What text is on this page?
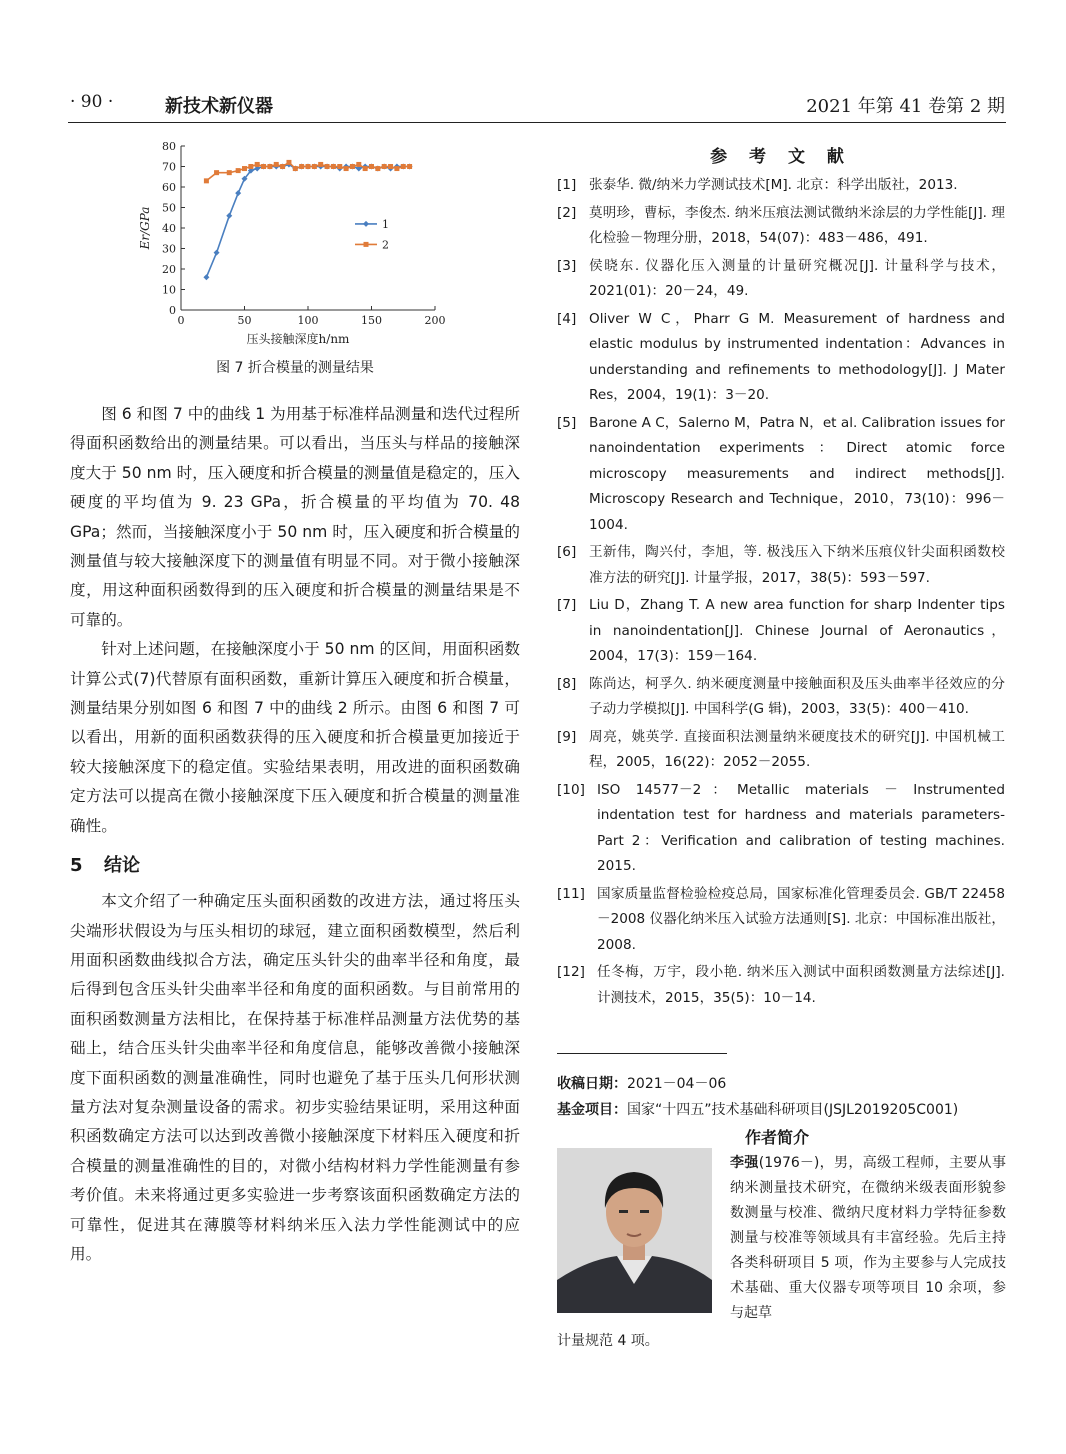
· 90 ·	新技术新仪器	2021 年第 41 卷第 2 期
0
10
20
30
40
50
60
70
80
0	50	100	150	200
压头接触深度h/nm
Er/GPa	1
2
图 7 折合模量的测量结果

图 6 和图 7 中的曲线 1 为用基于标准样品测量和迭代过程所得面积函数给出的测量结果。可以看出，当压头与样品的接触深度大于 50 nm 时，压入硬度和折合模量的测量值是稳定的，压入硬度的平均值为 9. 23 GPa，折合模量的平均值为 70. 48 GPa；然而，当接触深度小于 50 nm 时，压入硬度和折合模量的测量值与较大接触深度下的测量值有明显不同。对于微小接触深度，用这种面积函数得到的压入硬度和折合模量的测量结果是不可靠的。

针对上述问题，在接触深度小于 50 nm 的区间，用面积函数计算公式(7)代替原有面积函数，重新计算压入硬度和折合模量，测量结果分别如图 6 和图 7 中的曲线 2 所示。由图 6 和图 7 可以看出，用新的面积函数获得的压入硬度和折合模量更加接近于较大接触深度下的稳定值。实验结果表明，用改进的面积函数确定方法可以提高在微小接触深度下压入硬度和折合模量的测量准确性。

5 结论

本文介绍了一种确定压头面积函数的改进方法，通过将压头尖端形状假设为与压头相切的球冠，建立面积函数模型，然后利用面积函数曲线拟合方法，确定压头针尖的曲率半径和角度，最后得到包含压头针尖曲率半径和角度的面积函数。与目前常用的面积函数测量方法相比，在保持基于标准样品测量方法优势的基础上，结合压头针尖曲率半径和角度信息，能够改善微小接触深度下面积函数的测量准确性，同时也避免了基于压头几何形状测量方法对复杂测量设备的需求。初步实验结果证明，采用这种面积函数确定方法可以达到改善微小接触深度下材料压入硬度和折合模量的测量准确性的目的，对微小结构材料力学性能测量有参考价值。未来将通过更多实验进一步考察该面积函数确定方法的可靠性，促进其在薄膜等材料纳米压入法力学性能测试中的应用。

参 考 文 献
[1] 张泰华. 微/纳米力学测试技术[M]. 北京：科学出版社，2013.
[2] 莫明珍，曹标，李俊杰. 纳米压痕法测试微纳米涂层的力学性能[J]. 理化检验－物理分册，2018，54(07)：483－486，491.
[3] 侯晓东. 仪器化压入测量的计量研究概况[J]. 计量科学与技术，2021(01)：20－24，49.
[4] Oliver W C，Pharr G M. Measurement of hardness and elastic modulus by instrumented indentation：Advances in understanding and refinements to methodology[J]. J Mater Res，2004，19(1)：3－20.
[5] Barone A C，Salerno M，Patra N，et al. Calibration issues for nanoindentation experiments：Direct atomic force microscopy measurements and indirect methods[J]. Microscopy Research and Technique，2010，73(10)：996－1004.
[6] 王新伟，陶兴付，李旭，等. 极浅压入下纳米压痕仪针尖面积函数校准方法的研究[J]. 计量学报，2017，38(5)：593－597.
[7] Liu D，Zhang T. A new area function for sharp Indenter tips in nanoindentation[J]. Chinese Journal of Aeronautics，2004，17(3)：159－164.
[8] 陈尚达，柯孚久. 纳米硬度测量中接触面积及压头曲率半径效应的分子动力学模拟[J]. 中国科学(G 辑)，2003，33(5)：400－410.
[9] 周亮，姚英学. 直接面积法测量纳米硬度技术的研究[J]. 中国机械工程，2005，16(22)：2052－2055.
[10] ISO 14577－2：Metallic materials － Instrumented indentation test for hardness and materials parameters-Part 2：Verification and calibration of testing machines. 2015.
[11] 国家质量监督检验检疫总局，国家标准化管理委员会. GB/T 22458－2008 仪器化纳米压入试验方法通则[S]. 北京：中国标准出版社，2008.
[12] 任冬梅，万宇，段小艳. 纳米压入测试中面积函数测量方法综述[J]. 计测技术，2015，35(5)：10－14.
收稿日期：2021－04－06
基金项目：国家“十四五”技术基础科研项目(JSJL2019205C001)
作者简介
李强(1976－)，男，高级工程师，主要从事纳米测量技术研究，在微纳米级表面形貌参数测量与校准、微纳尺度材料力学特征参数测量与校准等领域具有丰富经验。先后主持各类科研项目 5 项，作为主要参与人完成技术基础、重大仪器专项等项目 10 余项，参与起草
计量规范 4 项。
